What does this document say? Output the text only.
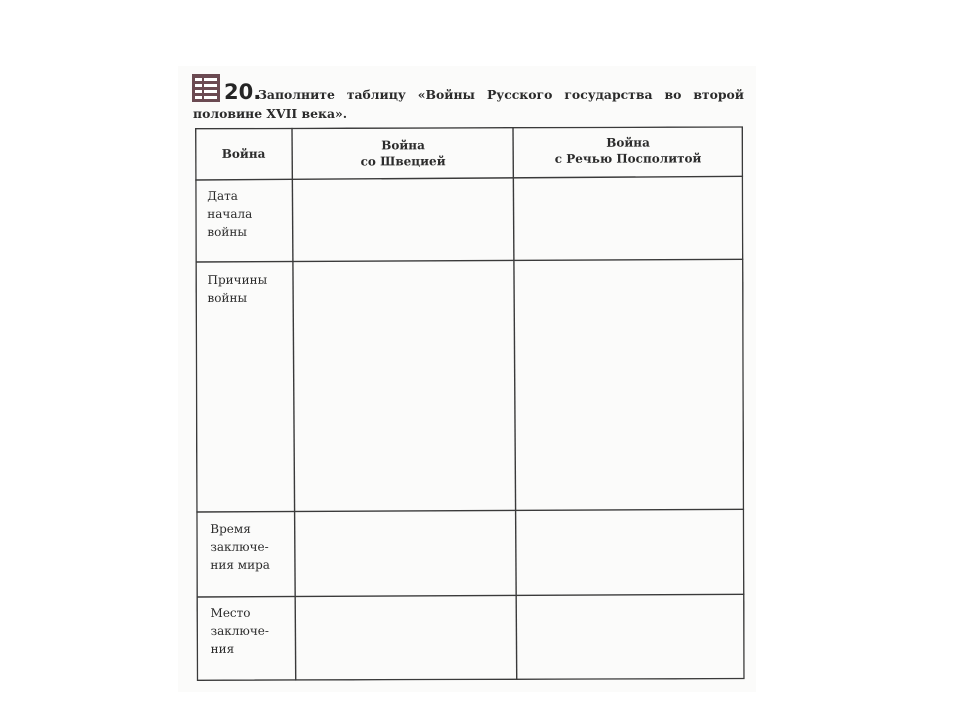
20.
Заполните таблицу «Войны Русского государства во второй
половине XVII века».
Война
Война
со Швецией
Война
с Речью Посполитой
Дата
начала
войны
Причины
войны
Время
заключе-
ния мира
Место
заключе-
ния
